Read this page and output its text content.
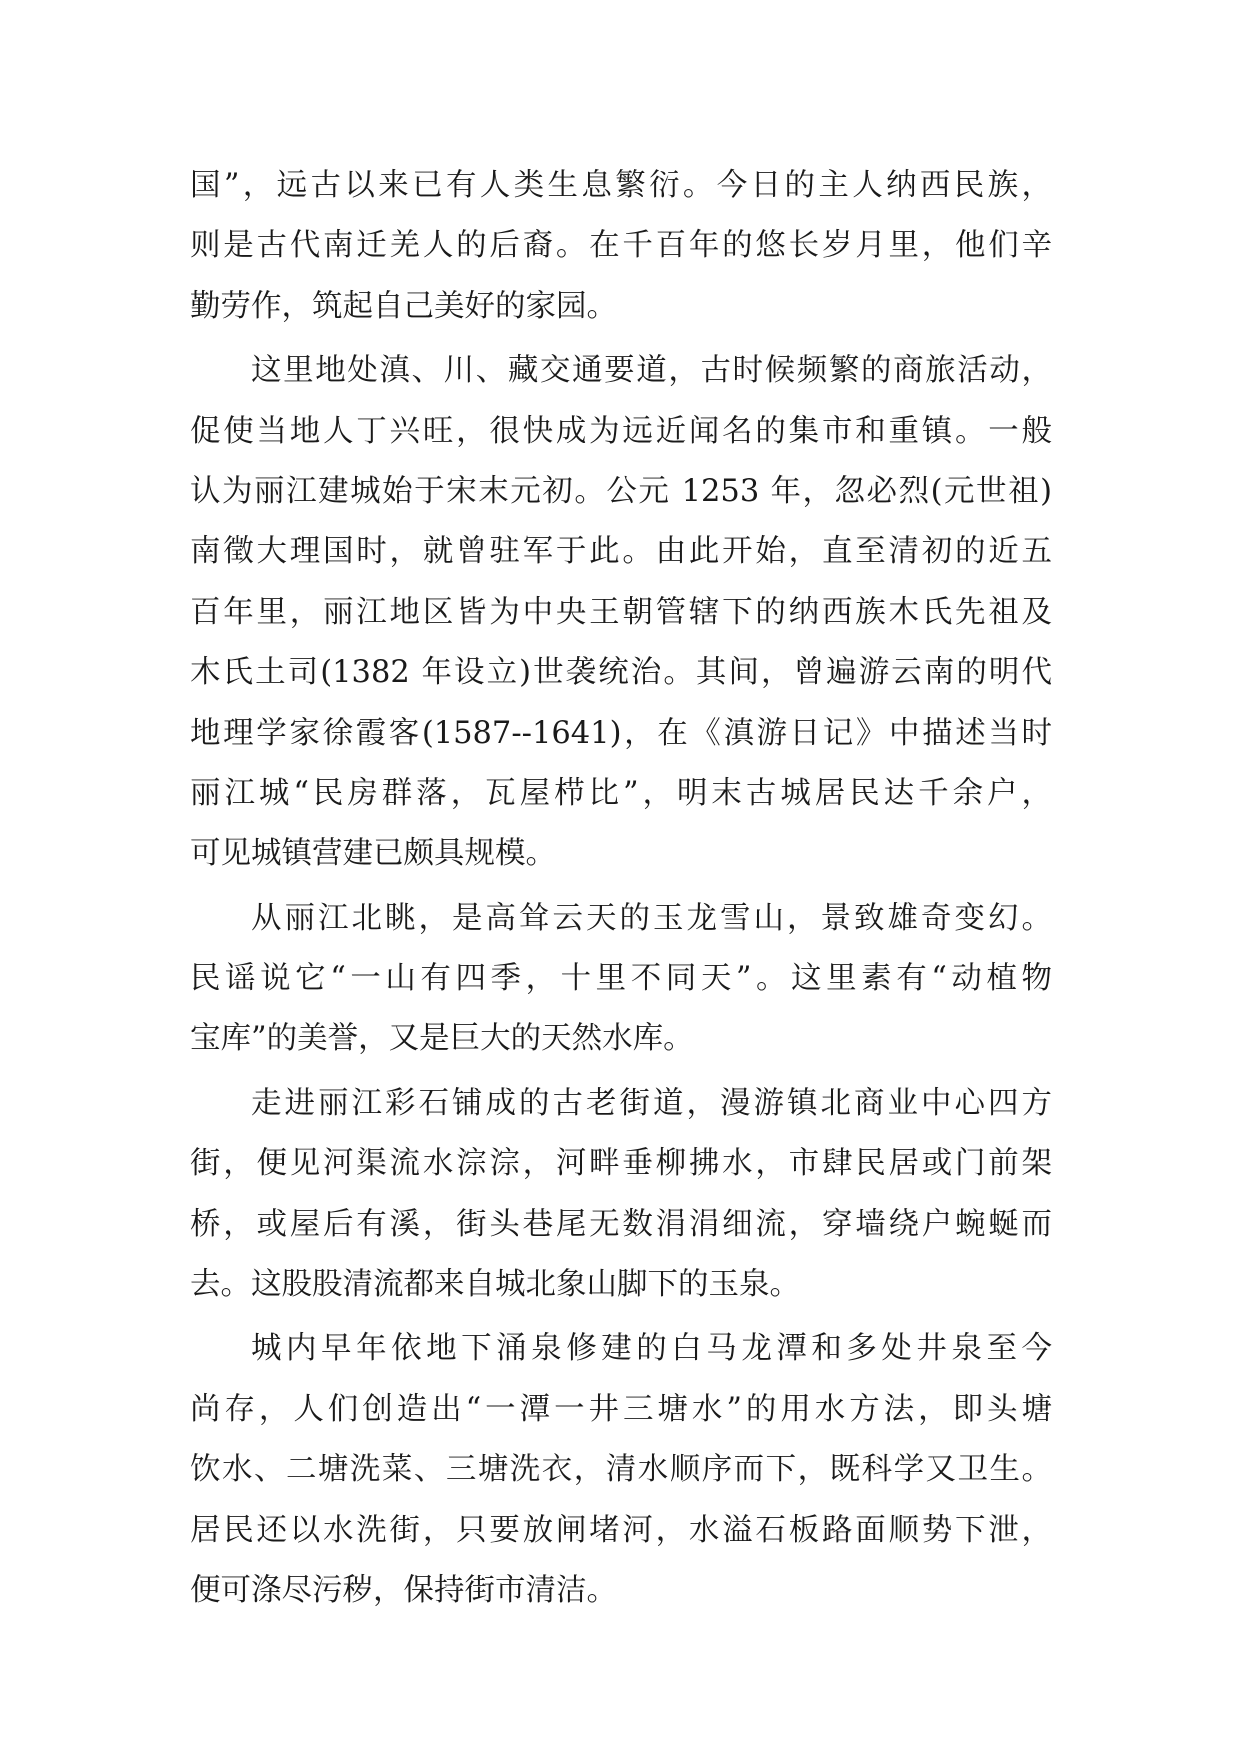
国”，远古以来已有人类生息繁衍。今日的主人纳西民族，
则是古代南迁羌人的后裔。在千百年的悠长岁月里，他们辛
勤劳作，筑起自己美好的家园。
这里地处滇、川、藏交通要道，古时候频繁的商旅活动，
促使当地人丁兴旺，很快成为远近闻名的集市和重镇。一般
认为丽江建城始于宋末元初。公元 1253 年，忽必烈(元世祖)
南徵大理国时，就曾驻军于此。由此开始，直至清初的近五
百年里，丽江地区皆为中央王朝管辖下的纳西族木氏先祖及
木氏土司(1382 年设立)世袭统治。其间，曾遍游云南的明代
地理学家徐霞客(1587--1641)，在《滇游日记》中描述当时
丽江城“民房群落，瓦屋栉比”，明末古城居民达千余户，
可见城镇营建已颇具规模。
从丽江北眺，是高耸云天的玉龙雪山，景致雄奇变幻。
民谣说它“一山有四季，十里不同天”。这里素有“动植物
宝库”的美誉，又是巨大的天然水库。
走进丽江彩石铺成的古老街道，漫游镇北商业中心四方
街，便见河渠流水淙淙，河畔垂柳拂水，市肆民居或门前架
桥，或屋后有溪，街头巷尾无数涓涓细流，穿墙绕户蜿蜒而
去。这股股清流都来自城北象山脚下的玉泉。
城内早年依地下涌泉修建的白马龙潭和多处井泉至今
尚存，人们创造出“一潭一井三塘水”的用水方法，即头塘
饮水、二塘洗菜、三塘洗衣，清水顺序而下，既科学又卫生。
居民还以水洗街，只要放闸堵河，水溢石板路面顺势下泄，
便可涤尽污秽，保持街市清洁。
